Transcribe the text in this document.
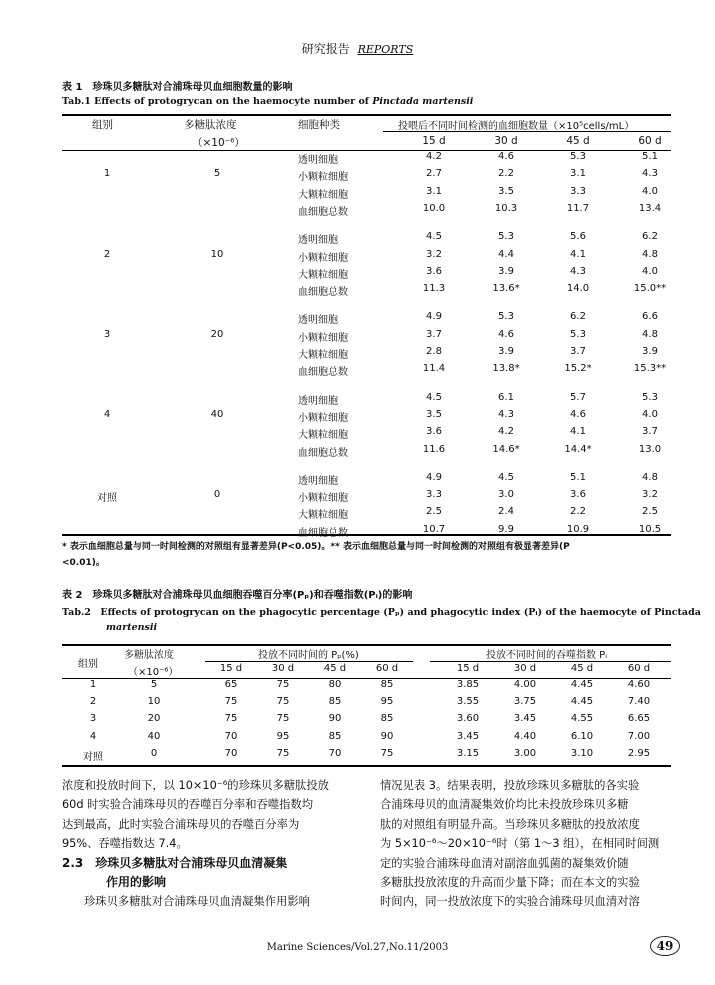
研究报告 REPORTS
表 1　珍珠贝多糖肽对合浦珠母贝血细胞数量的影响
Tab.1 Effects of protogrycan on the haemocyte number of Pinctada martensii
组别	多糖肽浓度
（×10⁻⁶）
细胞种类	投喂后不同时间检测的血细胞数量（×10⁵cells/mL）
15 d	30 d	45 d	60 d
透明细胞	4.2	4.6	5.3	5.1
1	5	小颗粒细胞	2.7	2.2	3.1	4.3
大颗粒细胞	3.1	3.5	3.3	4.0
血细胞总数	10.0	10.3	11.7	13.4
透明细胞	4.5	5.3	5.6	6.2
2	10	小颗粒细胞	3.2	4.4	4.1	4.8
大颗粒细胞	3.6	3.9	4.3	4.0
血细胞总数	11.3	13.6*	14.0	15.0**
透明细胞	4.9	5.3	6.2	6.6
3	20	小颗粒细胞	3.7	4.6	5.3	4.8
大颗粒细胞	2.8	3.9	3.7	3.9
血细胞总数	11.4	13.8*	15.2*	15.3**
透明细胞	4.5	6.1	5.7	5.3
4	40	小颗粒细胞	3.5	4.3	4.6	4.0
大颗粒细胞	3.6	4.2	4.1	3.7
血细胞总数	11.6	14.6*	14.4*	13.0
透明细胞	4.9	4.5	5.1	4.8
对照	0	小颗粒细胞	3.3	3.0	3.6	3.2
大颗粒细胞	2.5	2.4	2.2	2.5
血细胞总数	10.7	9.9	10.9	10.5
* 表示血细胞总量与同一时间检测的对照组有显著差异(P<0.05)。** 表示血细胞总量与同一时间检测的对照组有极显著差异(P
<0.01)。
表 2　珍珠贝多糖肽对合浦珠母贝血细胞吞噬百分率(Pₚ)和吞噬指数(Pᵢ)的影响
Tab.2　Effects of protogrycan on the phagocytic percentage (Pₚ) and phagocytic index (Pᵢ) of the haemocyte of Pinctada
martensii
组别
多糖肽浓度
（×10⁻⁶）
投放不同时间的 Pₚ(%)	投放不同时间的吞噬指数 Pᵢ
15 d	30 d	45 d	60 d	15 d	30 d	45 d	60 d
1	5	65	75	80	85	3.85	4.00	4.45	4.60
2	10	75	75	85	95	3.55	3.75	4.45	7.40
3	20	75	75	90	85	3.60	3.45	4.55	6.65
4	40	70	95	85	90	3.45	4.40	6.10	7.00
对照	0	70	75	70	75	3.15	3.00	3.10	2.95
浓度和投放时间下，以 10×10⁻⁶的珍珠贝多糖肽投放
60d 时实验合浦珠母贝的吞噬百分率和吞噬指数均
达到最高，此时实验合浦珠母贝的吞噬百分率为
95%、吞噬指数达 7.4。
2.3　珍珠贝多糖肽对合浦珠母贝血清凝集
作用的影响
珍珠贝多糖肽对合浦珠母贝血清凝集作用影响
情况见表 3。结果表明，投放珍珠贝多糖肽的各实验
合浦珠母贝的血清凝集效价均比未投放珍珠贝多糖
肽的对照组有明显升高。当珍珠贝多糖肽的投放浓度
为 5×10⁻⁶～20×10⁻⁶时（第 1～3 组），在相同时间测
定的实验合浦珠母血清对副溶血弧菌的凝集效价随
多糖肽投放浓度的升高而少量下降；而在本文的实验
时间内，同一投放浓度下的实验合浦珠母贝血清对溶
Marine Sciences/Vol.27,No.11/2003	49
